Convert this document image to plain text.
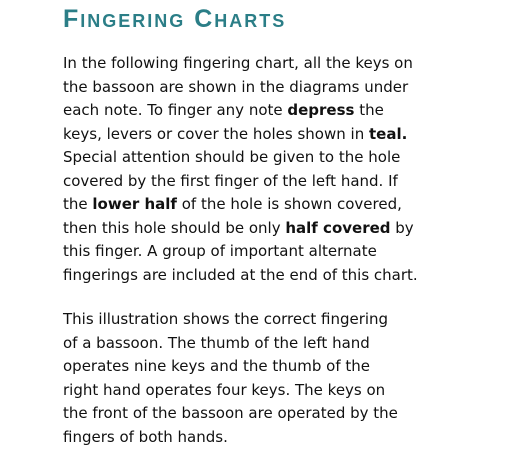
Fingering Charts

In the following fingering chart, all the keys on
the bassoon are shown in the diagrams under
each note. To finger any note depress the
keys, levers or cover the holes shown in teal.
Special attention should be given to the hole
covered by the first finger of the left hand. If
the lower half of the hole is shown covered,
then this hole should be only half covered by
this finger. A group of important alternate
fingerings are included at the end of this chart.

This illustration shows the correct fingering
of a bassoon. The thumb of the left hand
operates nine keys and the thumb of the
right hand operates four keys. The keys on
the front of the bassoon are operated by the
fingers of both hands.
